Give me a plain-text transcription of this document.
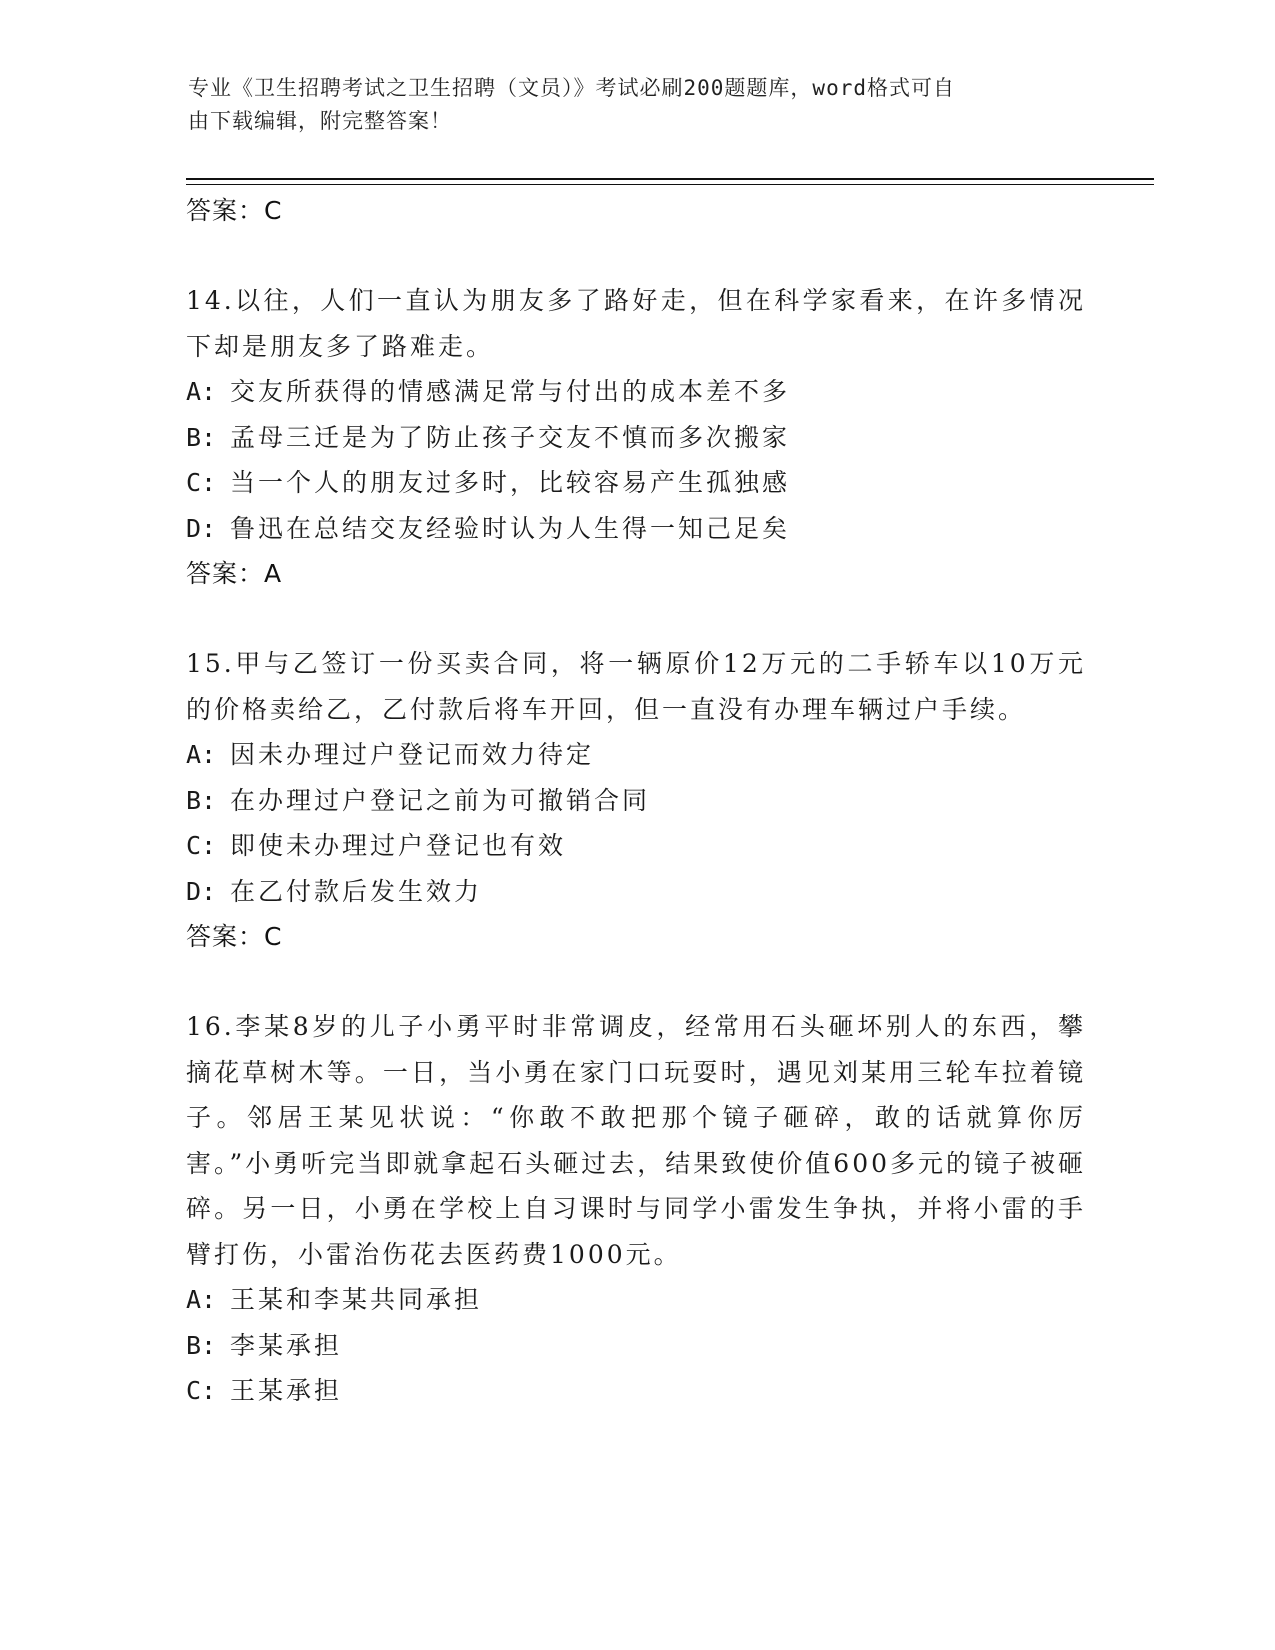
专业《卫生招聘考试之卫生招聘（文员）》考试必刷200题题库，word格式可自
由下载编辑，附完整答案！
答案：C
14.以往，人们一直认为朋友多了路好走，但在科学家看来，在许多情况下却是朋友多了路难走。
A: 交友所获得的情感满足常与付出的成本差不多
B: 孟母三迁是为了防止孩子交友不慎而多次搬家
C: 当一个人的朋友过多时，比较容易产生孤独感
D: 鲁迅在总结交友经验时认为人生得一知己足矣
答案：A
15.甲与乙签订一份买卖合同，将一辆原价12万元的二手轿车以10万元的价格卖给乙，乙付款后将车开回，但一直没有办理车辆过户手续。
A: 因未办理过户登记而效力待定
B: 在办理过户登记之前为可撤销合同
C: 即使未办理过户登记也有效
D: 在乙付款后发生效力
答案：C
16.李某8岁的儿子小勇平时非常调皮，经常用石头砸坏别人的东西，攀摘花草树木等。一日，当小勇在家门口玩耍时，遇见刘某用三轮车拉着镜子。邻居王某见状说：“你敢不敢把那个镜子砸碎，敢的话就算你厉害。”小勇听完当即就拿起石头砸过去，结果致使价值600多元的镜子被砸碎。另一日，小勇在学校上自习课时与同学小雷发生争执，并将小雷的手臂打伤，小雷治伤花去医药费1000元。
A: 王某和李某共同承担
B: 李某承担
C: 王某承担
